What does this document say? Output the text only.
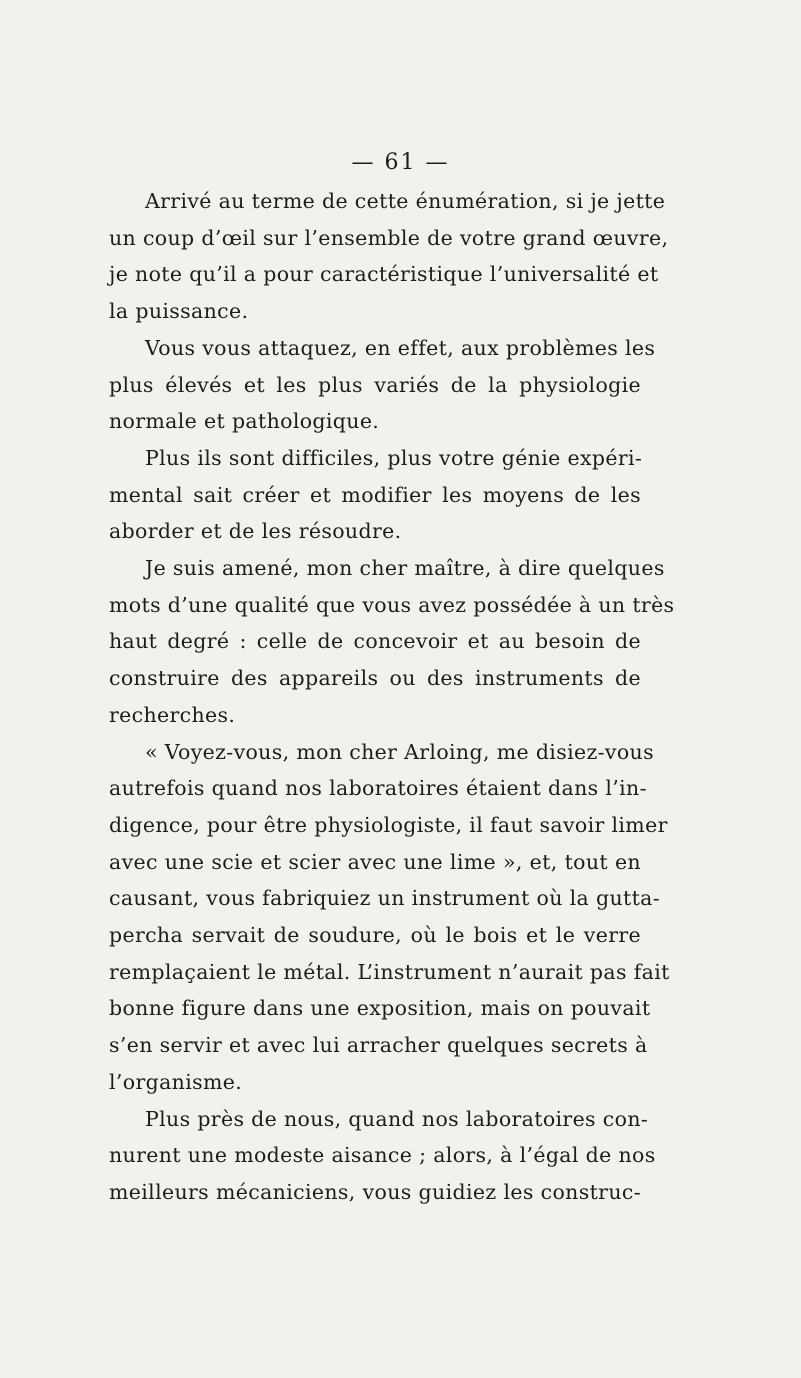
— 61 —
Arrivé au terme de cette énumération, si je jette
un coup d’œil sur l’ensemble de votre grand œuvre,
je note qu’il a pour caractéristique l’universalité et
la puissance.
Vous vous attaquez, en effet, aux problèmes les
plus élevés et les plus variés de la physiologie
normale et pathologique.
Plus ils sont difficiles, plus votre génie expéri-
mental sait créer et modifier les moyens de les
aborder et de les résoudre.
Je suis amené, mon cher maître, à dire quelques
mots d’une qualité que vous avez possédée à un très
haut degré : celle de concevoir et au besoin de
construire des appareils ou des instruments de
recherches.
« Voyez-vous, mon cher Arloing, me disiez-vous
autrefois quand nos laboratoires étaient dans l’in-
digence, pour être physiologiste, il faut savoir limer
avec une scie et scier avec une lime », et, tout en
causant, vous fabriquiez un instrument où la gutta-
percha servait de soudure, où le bois et le verre
remplaçaient le métal. L’instrument n’aurait pas fait
bonne figure dans une exposition, mais on pouvait
s’en servir et avec lui arracher quelques secrets à
l’organisme.
Plus près de nous, quand nos laboratoires con-
nurent une modeste aisance ; alors, à l’égal de nos
meilleurs mécaniciens, vous guidiez les construc-
